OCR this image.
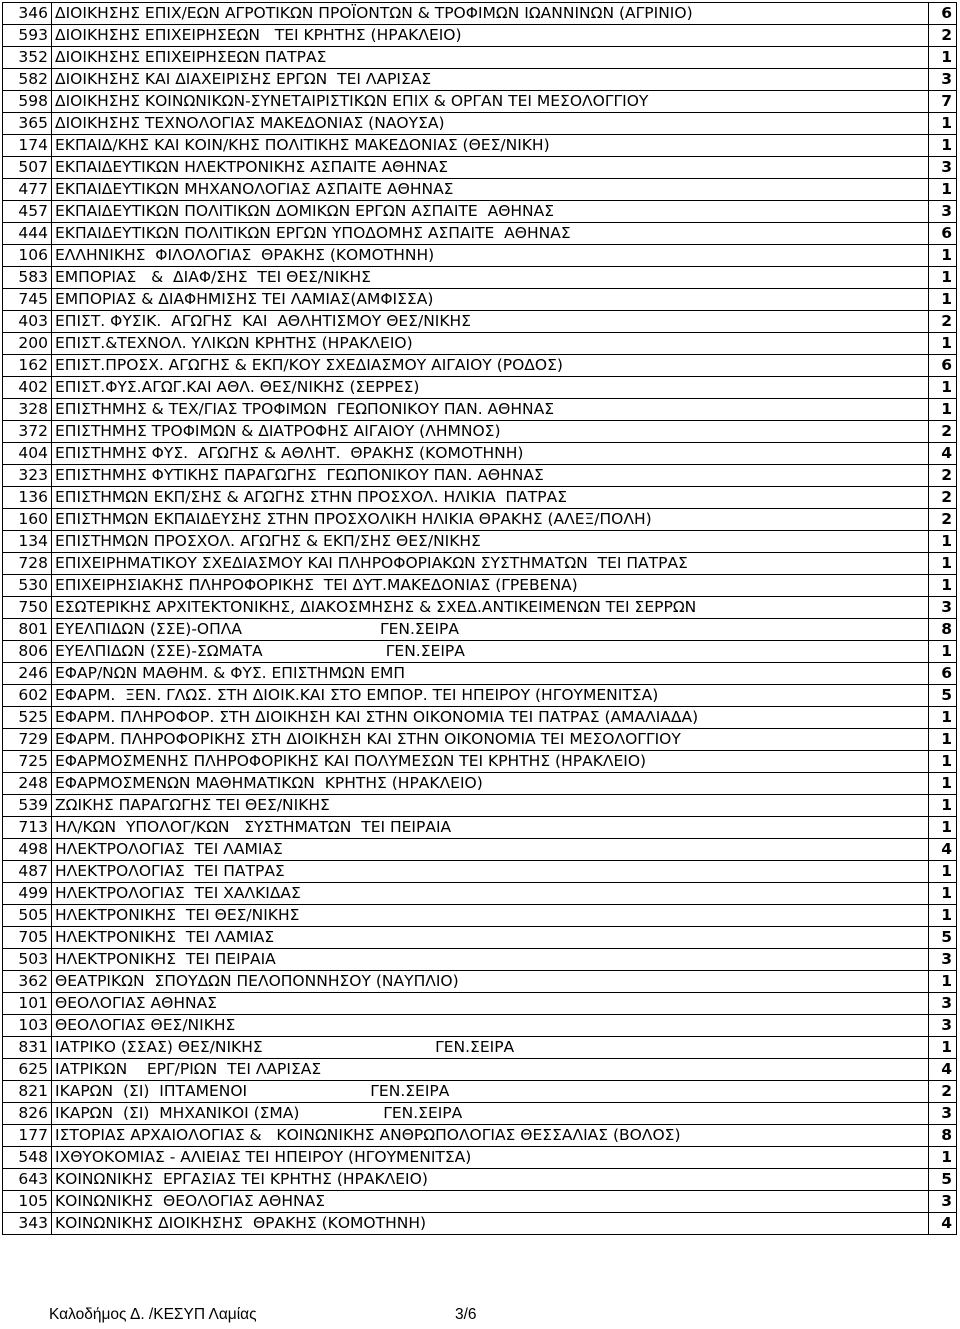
346	ΔΙΟΙΚΗΣΗΣ ΕΠΙΧ/ΕΩΝ ΑΓΡΟΤΙΚΩΝ ΠΡΟΪΟΝΤΩΝ & ΤΡΟΦΙΜΩΝ ΙΩΑΝΝΙΝΩΝ (ΑΓΡΙΝΙΟ)	6
593	ΔΙΟΙΚΗΣΗΣ ΕΠΙΧΕΙΡΗΣΕΩΝ   ΤΕΙ ΚΡΗΤΗΣ (ΗΡΑΚΛΕΙΟ)	2
352	ΔΙΟΙΚΗΣΗΣ ΕΠΙΧΕΙΡΗΣΕΩΝ ΠΑΤΡΑΣ	1
582	ΔΙΟΙΚΗΣΗΣ ΚΑΙ ΔΙΑΧΕΙΡΙΣΗΣ ΕΡΓΩΝ  ΤΕΙ ΛΑΡΙΣΑΣ	3
598	ΔΙΟΙΚΗΣΗΣ ΚΟΙΝΩΝΙΚΩΝ-ΣΥΝΕΤΑΙΡΙΣΤΙΚΩΝ ΕΠΙΧ & ΟΡΓΑΝ ΤΕΙ ΜΕΣΟΛΟΓΓΙΟΥ	7
365	ΔΙΟΙΚΗΣΗΣ ΤΕΧΝΟΛΟΓΙΑΣ ΜΑΚΕΔΟΝΙΑΣ (ΝΑΟΥΣΑ)	1
174	ΕΚΠΑΙΔ/ΚΗΣ ΚΑΙ ΚΟΙΝ/ΚΗΣ ΠΟΛΙΤΙΚΗΣ ΜΑΚΕΔΟΝΙΑΣ (ΘΕΣ/ΝΙΚΗ)	1
507	ΕΚΠΑΙΔΕΥΤΙΚΩΝ ΗΛΕΚΤΡΟΝΙΚΗΣ ΑΣΠΑΙΤΕ ΑΘΗΝΑΣ	3
477	ΕΚΠΑΙΔΕΥΤΙΚΩΝ ΜΗΧΑΝΟΛΟΓΙΑΣ ΑΣΠΑΙΤΕ ΑΘΗΝΑΣ	1
457	ΕΚΠΑΙΔΕΥΤΙΚΩΝ ΠΟΛΙΤΙΚΩΝ ΔΟΜΙΚΩΝ ΕΡΓΩΝ ΑΣΠΑΙΤΕ  ΑΘΗΝΑΣ	3
444	ΕΚΠΑΙΔΕΥΤΙΚΩΝ ΠΟΛΙΤΙΚΩΝ ΕΡΓΩΝ ΥΠΟΔΟΜΗΣ ΑΣΠΑΙΤΕ  ΑΘΗΝΑΣ	6
106	ΕΛΛΗΝΙΚΗΣ  ΦΙΛΟΛΟΓΙΑΣ  ΘΡΑΚΗΣ (ΚΟΜΟΤΗΝΗ)	1
583	ΕΜΠΟΡΙΑΣ   &  ΔΙΑΦ/ΣΗΣ  ΤΕΙ ΘΕΣ/ΝΙΚΗΣ	1
745	ΕΜΠΟΡΙΑΣ & ΔΙΑΦΗΜΙΣΗΣ ΤΕΙ ΛΑΜΙΑΣ(ΑΜΦΙΣΣΑ)	1
403	ΕΠΙΣΤ. ΦΥΣΙΚ.  ΑΓΩΓΗΣ  ΚΑΙ  ΑΘΛΗΤΙΣΜΟΥ ΘΕΣ/ΝΙΚΗΣ	2
200	ΕΠΙΣΤ.&ΤΕΧΝΟΛ. ΥΛΙΚΩΝ ΚΡΗΤΗΣ (ΗΡΑΚΛΕΙΟ)	1
162	ΕΠΙΣΤ.ΠΡΟΣΧ. ΑΓΩΓΗΣ & ΕΚΠ/ΚΟΥ ΣΧΕΔΙΑΣΜΟΥ ΑΙΓΑΙΟΥ (ΡΟΔΟΣ)	6
402	ΕΠΙΣΤ.ΦΥΣ.ΑΓΩΓ.ΚΑΙ ΑΘΛ. ΘΕΣ/ΝΙΚΗΣ (ΣΕΡΡΕΣ)	1
328	ΕΠΙΣΤΗΜΗΣ & ΤΕΧ/ΓΙΑΣ ΤΡΟΦΙΜΩΝ  ΓΕΩΠΟΝΙΚΟΥ ΠΑΝ. ΑΘΗΝΑΣ	1
372	ΕΠΙΣΤΗΜΗΣ ΤΡΟΦΙΜΩΝ & ΔΙΑΤΡΟΦΗΣ ΑΙΓΑΙΟΥ (ΛΗΜΝΟΣ)	2
404	ΕΠΙΣΤΗΜΗΣ ΦΥΣ.  ΑΓΩΓΗΣ & ΑΘΛΗΤ.  ΘΡΑΚΗΣ (ΚΟΜΟΤΗΝΗ)	4
323	ΕΠΙΣΤΗΜΗΣ ΦΥΤΙΚΗΣ ΠΑΡΑΓΩΓΗΣ  ΓΕΩΠΟΝΙΚΟΥ ΠΑΝ. ΑΘΗΝΑΣ	2
136	ΕΠΙΣΤΗΜΩΝ ΕΚΠ/ΣΗΣ & ΑΓΩΓΗΣ ΣΤΗΝ ΠΡΟΣΧΟΛ. ΗΛΙΚΙΑ  ΠΑΤΡΑΣ	2
160	ΕΠΙΣΤΗΜΩΝ ΕΚΠΑΙΔΕΥΣΗΣ ΣΤΗΝ ΠΡΟΣΧΟΛΙΚΗ ΗΛΙΚΙΑ ΘΡΑΚΗΣ (ΑΛΕΞ/ΠΟΛΗ)	2
134	ΕΠΙΣΤΗΜΩΝ ΠΡΟΣΧΟΛ. ΑΓΩΓΗΣ & ΕΚΠ/ΣΗΣ ΘΕΣ/ΝΙΚΗΣ	1
728	ΕΠΙΧΕΙΡΗΜΑΤΙΚΟΥ ΣΧΕΔΙΑΣΜΟΥ ΚΑΙ ΠΛΗΡΟΦΟΡΙΑΚΩΝ ΣΥΣΤΗΜΑΤΩΝ  ΤΕΙ ΠΑΤΡΑΣ	1
530	ΕΠΙΧΕΙΡΗΣΙΑΚΗΣ ΠΛΗΡΟΦΟΡΙΚΗΣ  ΤΕΙ ΔΥΤ.ΜΑΚΕΔΟΝΙΑΣ (ΓΡΕΒΕΝΑ)	1
750	ΕΣΩΤΕΡΙΚΗΣ ΑΡΧΙΤΕΚΤΟΝΙΚΗΣ, ΔΙΑΚΟΣΜΗΣΗΣ & ΣΧΕΔ.ΑΝΤΙΚΕΙΜΕΝΩΝ ΤΕΙ ΣΕΡΡΩΝ	3
801	ΕΥΕΛΠΙΔΩΝ (ΣΣΕ)-ΟΠΛΑ                            ΓΕΝ.ΣΕΙΡΑ	8
806	ΕΥΕΛΠΙΔΩΝ (ΣΣΕ)-ΣΩΜΑΤΑ                         ΓΕΝ.ΣΕΙΡΑ	1
246	ΕΦΑΡ/ΝΩΝ ΜΑΘΗΜ. & ΦΥΣ. ΕΠΙΣΤΗΜΩΝ ΕΜΠ	6
602	ΕΦΑΡΜ.  ΞΕΝ. ΓΛΩΣ. ΣΤΗ ΔΙΟΙΚ.ΚΑΙ ΣΤΟ ΕΜΠΟΡ. ΤΕΙ ΗΠΕΙΡΟΥ (ΗΓΟΥΜΕΝΙΤΣΑ)	5
525	ΕΦΑΡΜ. ΠΛΗΡΟΦΟΡ. ΣΤΗ ΔΙΟΙΚΗΣΗ ΚΑΙ ΣΤΗΝ ΟΙΚΟΝΟΜΙΑ ΤΕΙ ΠΑΤΡΑΣ (ΑΜΑΛΙΑΔΑ)	1
729	ΕΦΑΡΜ. ΠΛΗΡΟΦΟΡΙΚΗΣ ΣΤΗ ΔΙΟΙΚΗΣΗ ΚΑΙ ΣΤΗΝ ΟΙΚΟΝΟΜΙΑ ΤΕΙ ΜΕΣΟΛΟΓΓΙΟΥ	1
725	ΕΦΑΡΜΟΣΜΕΝΗΣ ΠΛΗΡΟΦΟΡΙΚΗΣ ΚΑΙ ΠΟΛΥΜΕΣΩΝ ΤΕΙ ΚΡΗΤΗΣ (ΗΡΑΚΛΕΙΟ)	1
248	ΕΦΑΡΜΟΣΜΕΝΩΝ ΜΑΘΗΜΑΤΙΚΩΝ  ΚΡΗΤΗΣ (ΗΡΑΚΛΕΙΟ)	1
539	ΖΩΙΚΗΣ ΠΑΡΑΓΩΓΗΣ ΤΕΙ ΘΕΣ/ΝΙΚΗΣ	1
713	ΗΛ/ΚΩΝ  ΥΠΟΛΟΓ/ΚΩΝ   ΣΥΣΤΗΜΑΤΩΝ  ΤΕΙ ΠΕΙΡΑΙΑ	1
498	ΗΛΕΚΤΡΟΛΟΓΙΑΣ  ΤΕΙ ΛΑΜΙΑΣ	4
487	ΗΛΕΚΤΡΟΛΟΓΙΑΣ  ΤΕΙ ΠΑΤΡΑΣ	1
499	ΗΛΕΚΤΡΟΛΟΓΙΑΣ  ΤΕΙ ΧΑΛΚΙΔΑΣ	1
505	ΗΛΕΚΤΡΟΝΙΚΗΣ  ΤΕΙ ΘΕΣ/ΝΙΚΗΣ	1
705	ΗΛΕΚΤΡΟΝΙΚΗΣ  ΤΕΙ ΛΑΜΙΑΣ	5
503	ΗΛΕΚΤΡΟΝΙΚΗΣ  ΤΕΙ ΠΕΙΡΑΙΑ	3
362	ΘΕΑΤΡΙΚΩΝ  ΣΠΟΥΔΩΝ ΠΕΛΟΠΟΝΝΗΣΟΥ (ΝΑΥΠΛΙΟ)	1
101	ΘΕΟΛΟΓΙΑΣ ΑΘΗΝΑΣ	3
103	ΘΕΟΛΟΓΙΑΣ ΘΕΣ/ΝΙΚΗΣ	3
831	ΙΑΤΡΙΚΟ (ΣΣΑΣ) ΘΕΣ/ΝΙΚΗΣ                                   ΓΕΝ.ΣΕΙΡΑ	1
625	ΙΑΤΡΙΚΩΝ    ΕΡΓ/ΡΙΩΝ  ΤΕΙ ΛΑΡΙΣΑΣ	4
821	ΙΚΑΡΩΝ  (ΣΙ)  ΙΠΤΑΜΕΝΟΙ                         ΓΕΝ.ΣΕΙΡΑ	2
826	ΙΚΑΡΩΝ  (ΣΙ)  ΜΗΧΑΝΙΚΟΙ (ΣΜΑ)                 ΓΕΝ.ΣΕΙΡΑ	3
177	ΙΣΤΟΡΙΑΣ ΑΡΧΑΙΟΛΟΓΙΑΣ &   ΚΟΙΝΩΝΙΚΗΣ ΑΝΘΡΩΠΟΛΟΓΙΑΣ ΘΕΣΣΑΛΙΑΣ (ΒΟΛΟΣ)	8
548	ΙΧΘΥΟΚΟΜΙΑΣ - ΑΛΙΕΙΑΣ ΤΕΙ ΗΠΕΙΡΟΥ (ΗΓΟΥΜΕΝΙΤΣΑ)	1
643	ΚΟΙΝΩΝΙΚΗΣ  ΕΡΓΑΣΙΑΣ ΤΕΙ ΚΡΗΤΗΣ (ΗΡΑΚΛΕΙΟ)	5
105	ΚΟΙΝΩΝΙΚΗΣ  ΘΕΟΛΟΓΙΑΣ ΑΘΗΝΑΣ	3
343	ΚΟΙΝΩΝΙΚΗΣ ΔΙΟΙΚΗΣΗΣ  ΘΡΑΚΗΣ (ΚΟΜΟΤΗΝΗ)	4
Καλοδήμος Δ. /ΚΕΣΥΠ Λαμίας	3/6
